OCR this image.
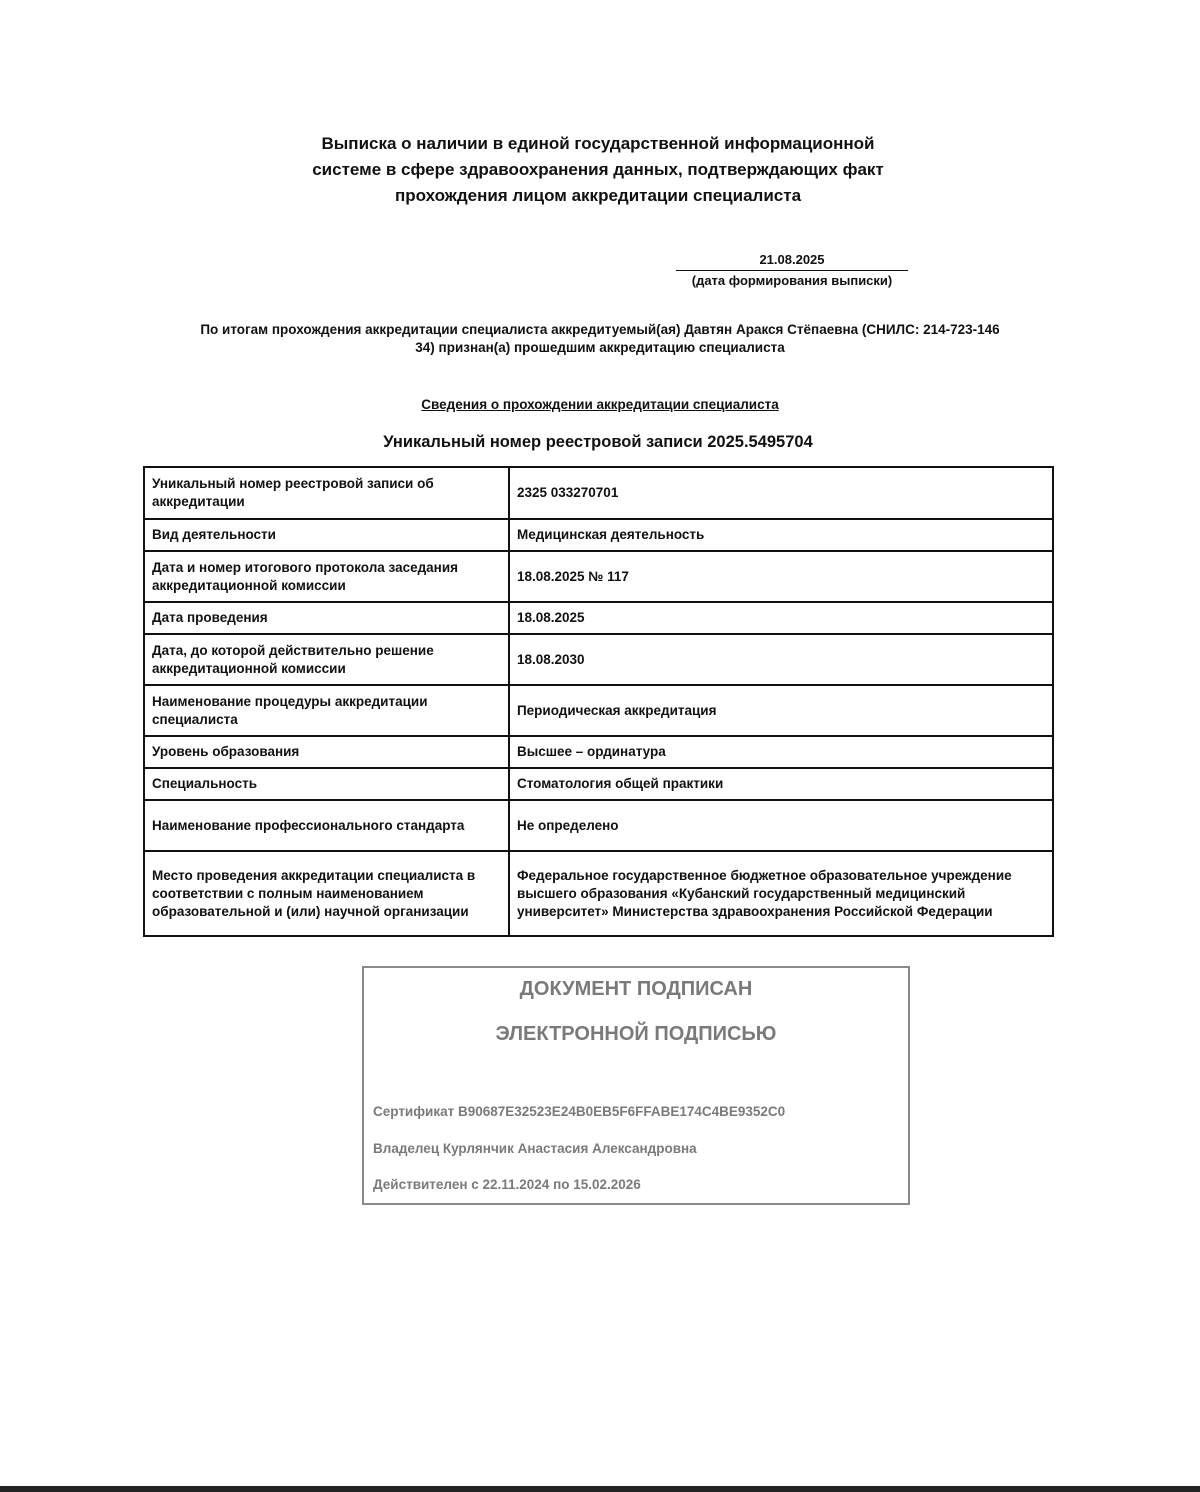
Выписка о наличии в единой государственной информационной
системе в сфере здравоохранения данных, подтверждающих факт
прохождения лицом аккредитации специалиста
21.08.2025
(дата формирования выписки)
По итогам прохождения аккредитации специалиста аккредитуемый(ая) Давтян Аракся Стёпаевна (СНИЛС: 214-723-146
34) признан(а) прошедшим аккредитацию специалиста
Сведения о прохождении аккредитации специалиста
Уникальный номер реестровой записи 2025.5495704
Уникальный номер реестровой записи об аккредитации	2325 033270701
Вид деятельности	Медицинская деятельность
Дата и номер итогового протокола заседания аккредитационной комиссии	18.08.2025 № 117
Дата проведения	18.08.2025
Дата, до которой действительно решение аккредитационной комиссии	18.08.2030
Наименование процедуры аккредитации специалиста	Периодическая аккредитация
Уровень образования	Высшее – ординатура
Специальность	Стоматология общей практики
Наименование профессионального стандарта	Не определено
Место проведения аккредитации специалиста в соответствии с полным наименованием образовательной и (или) научной организации	Федеральное государственное бюджетное образовательное учреждение высшего образования «Кубанский государственный медицинский университет» Министерства здравоохранения Российской Федерации
ДОКУМЕНТ ПОДПИСАН
ЭЛЕКТРОННОЙ ПОДПИСЬЮ
Сертификат B90687E32523E24B0EB5F6FFABE174C4BE9352C0
Владелец Курлянчик Анастасия Александровна
Действителен с 22.11.2024 по 15.02.2026
